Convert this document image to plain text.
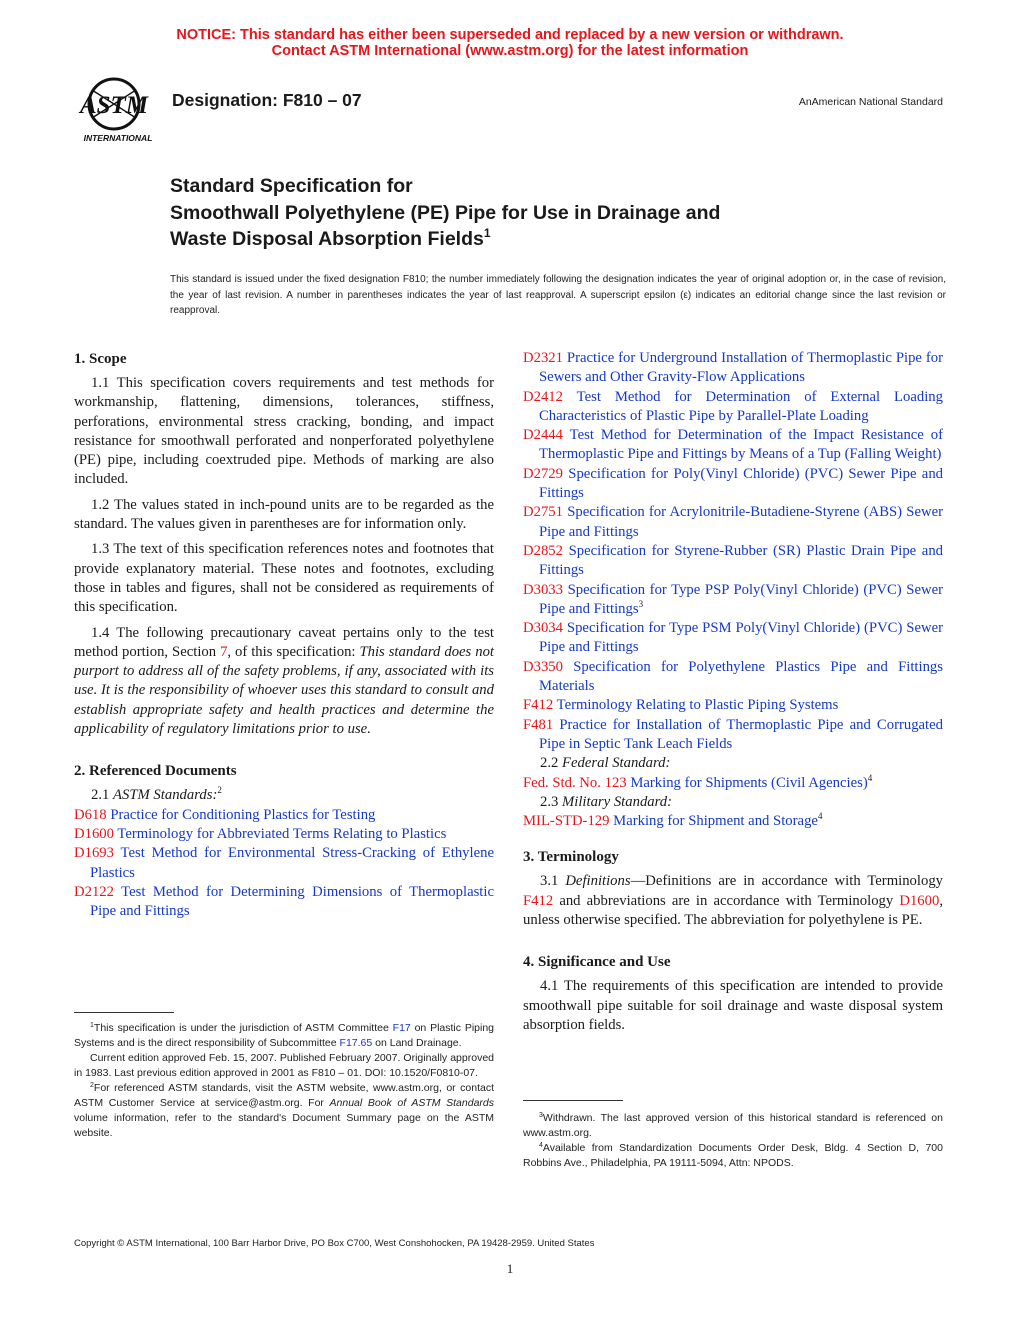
NOTICE: This standard has either been superseded and replaced by a new version or withdrawn.
Contact ASTM International (www.astm.org) for the latest information
ASTM
INTERNATIONAL
Designation: F810 – 07	AnAmerican National Standard
Standard Specification for
Smoothwall Polyethylene (PE) Pipe for Use in Drainage and
Waste Disposal Absorption Fields$^1$
This standard is issued under the fixed designation F810; the number immediately following the designation indicates the year of original adoption or, in the case of revision, the year of last revision. A number in parentheses indicates the year of last reapproval. A superscript epsilon (ε) indicates an editorial change since the last revision or reapproval.
1. Scope

1.1 This specification covers requirements and test methods for workmanship, flattening, dimensions, tolerances, stiffness, perforations, environmental stress cracking, bonding, and impact resistance for smoothwall perforated and nonperforated polyethylene (PE) pipe, including coextruded pipe. Methods of marking are also included.

1.2 The values stated in inch-pound units are to be regarded as the standard. The values given in parentheses are for information only.

1.3 The text of this specification references notes and footnotes that provide explanatory material. These notes and footnotes, excluding those in tables and figures, shall not be considered as requirements of this specification.

1.4 The following precautionary caveat pertains only to the test method portion, Section 7, of this specification: This standard does not purport to address all of the safety problems, if any, associated with its use. It is the responsibility of whoever uses this standard to consult and establish appropriate safety and health practices and determine the applicability of regulatory limitations prior to use.

2. Referenced Documents

2.1 ASTM Standards:$^2$

D618 Practice for Conditioning Plastics for Testing

D1600 Terminology for Abbreviated Terms Relating to Plastics

D1693 Test Method for Environmental Stress-Cracking of Ethylene Plastics

D2122 Test Method for Determining Dimensions of Thermoplastic Pipe and Fittings

$^1$This specification is under the jurisdiction of ASTM Committee F17 on Plastic Piping Systems and is the direct responsibility of Subcommittee F17.65 on Land Drainage.

Current edition approved Feb. 15, 2007. Published February 2007. Originally approved in 1983. Last previous edition approved in 2001 as F810 – 01. DOI: 10.1520/F0810-07.

$^2$For referenced ASTM standards, visit the ASTM website, www.astm.org, or contact ASTM Customer Service at service@astm.org. For Annual Book of ASTM Standards volume information, refer to the standard's Document Summary page on the ASTM website.

D2321 Practice for Underground Installation of Thermoplastic Pipe for Sewers and Other Gravity-Flow Applications

D2412 Test Method for Determination of External Loading Characteristics of Plastic Pipe by Parallel-Plate Loading

D2444 Test Method for Determination of the Impact Resistance of Thermoplastic Pipe and Fittings by Means of a Tup (Falling Weight)

D2729 Specification for Poly(Vinyl Chloride) (PVC) Sewer Pipe and Fittings

D2751 Specification for Acrylonitrile-Butadiene-Styrene (ABS) Sewer Pipe and Fittings

D2852 Specification for Styrene-Rubber (SR) Plastic Drain Pipe and Fittings

D3033 Specification for Type PSP Poly(Vinyl Chloride) (PVC) Sewer Pipe and Fittings$^3$

D3034 Specification for Type PSM Poly(Vinyl Chloride) (PVC) Sewer Pipe and Fittings

D3350 Specification for Polyethylene Plastics Pipe and Fittings Materials

F412 Terminology Relating to Plastic Piping Systems

F481 Practice for Installation of Thermoplastic Pipe and Corrugated Pipe in Septic Tank Leach Fields

2.2 Federal Standard:

Fed. Std. No. 123 Marking for Shipments (Civil Agencies)$^4$

2.3 Military Standard:

MIL-STD-129 Marking for Shipment and Storage$^4$

3. Terminology

3.1 Definitions—Definitions are in accordance with Terminology F412 and abbreviations are in accordance with Terminology D1600, unless otherwise specified. The abbreviation for polyethylene is PE.

4. Significance and Use

4.1 The requirements of this specification are intended to provide smoothwall pipe suitable for soil drainage and waste disposal system absorption fields.

$^3$Withdrawn. The last approved version of this historical standard is referenced on www.astm.org.

$^4$Available from Standardization Documents Order Desk, Bldg. 4 Section D, 700 Robbins Ave., Philadelphia, PA 19111-5094, Attn: NPODS.

Copyright © ASTM International, 100 Barr Harbor Drive, PO Box C700, West Conshohocken, PA 19428-2959. United States
1
